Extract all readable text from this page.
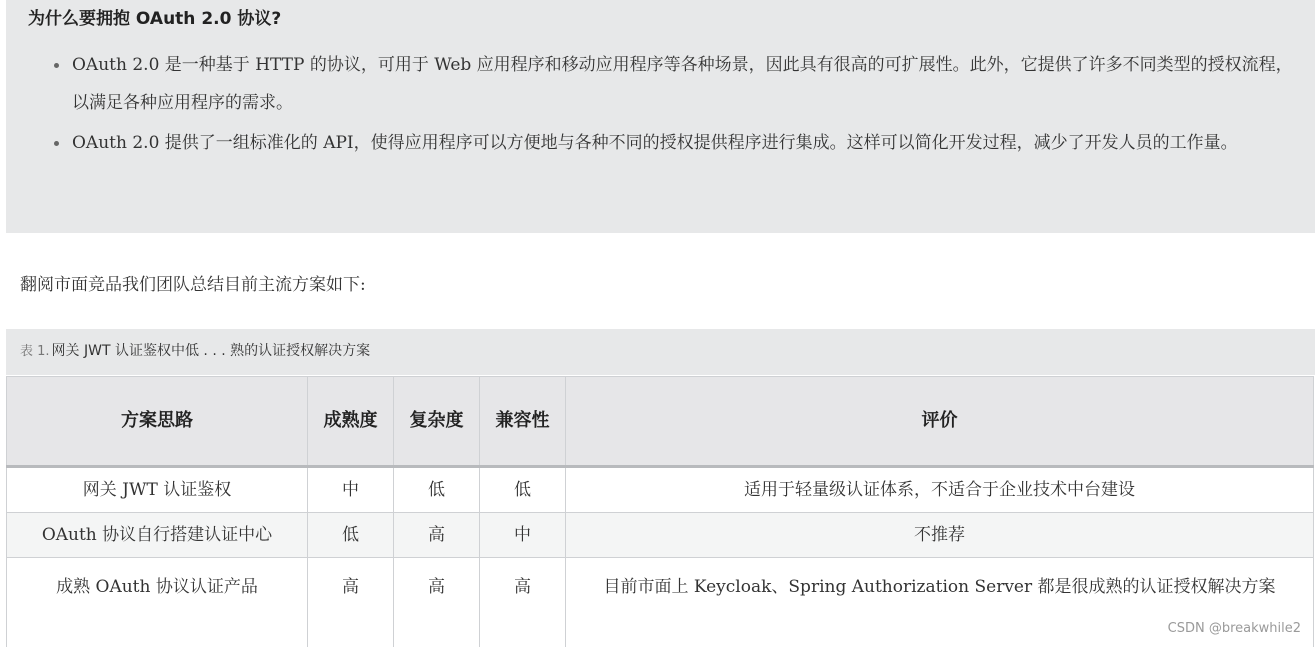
为什么要拥抱 OAuth 2.0 协议?
OAuth 2.0 是一种基于 HTTP 的协议，可用于 Web 应用程序和移动应用程序等各种场景，因此具有很高的可扩展性。此外，它提供了许多不同类型的授权流程，以满足各种应用程序的需求。
OAuth 2.0 提供了一组标准化的 API，使得应用程序可以方便地与各种不同的授权提供程序进行集成。这样可以简化开发过程，减少了开发人员的工作量。

翻阅市面竞品我们团队总结目前主流方案如下:

表 1. 网关 JWT 认证鉴权中低 . . . 熟的认证授权解决方案
方案思路	成熟度	复杂度	兼容性	评价
网关 JWT 认证鉴权	中	低	低	适用于轻量级认证体系，不适合于企业技术中台建设
OAuth 协议自行搭建认证中心	低	高	中	不推荐
成熟 OAuth 协议认证产品	高	高	高	目前市面上 Keycloak、Spring Authorization Server 都是很成熟的认证授权解决方案
CSDN @breakwhile2
